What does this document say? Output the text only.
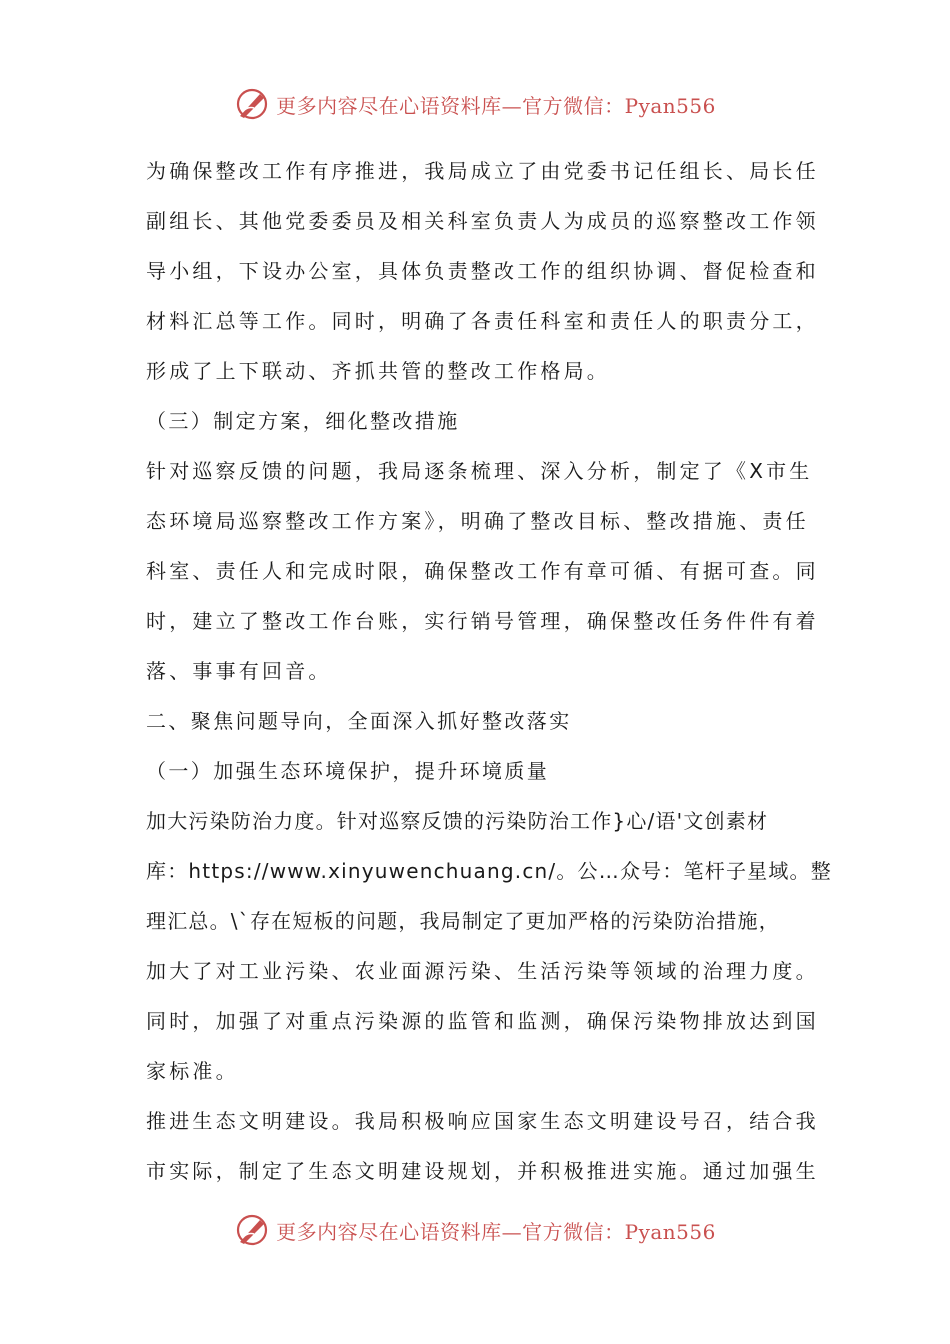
更多内容尽在心语资料库—官方微信：Pyan556
为确保整改工作有序推进，我局成立了由党委书记任组长、局长任
副组长、其他党委委员及相关科室负责人为成员的巡察整改工作领
导小组，下设办公室，具体负责整改工作的组织协调、督促检查和
材料汇总等工作。同时，明确了各责任科室和责任人的职责分工，
形成了上下联动、齐抓共管的整改工作格局。
（三）制定方案，细化整改措施
针对巡察反馈的问题，我局逐条梳理、深入分析，制定了《X市生
态环境局巡察整改工作方案》，明确了整改目标、整改措施、责任
科室、责任人和完成时限，确保整改工作有章可循、有据可查。同
时，建立了整改工作台账，实行销号管理，确保整改任务件件有着
落、事事有回音。
二、聚焦问题导向，全面深入抓好整改落实
（一）加强生态环境保护，提升环境质量
加大污染防治力度。针对巡察反馈的污染防治工作}心/语'文创素材
库：https://www.xinyuwenchuang.cn/。公…众号：笔杆子星域。整
理汇总。\`存在短板的问题，我局制定了更加严格的污染防治措施，
加大了对工业污染、农业面源污染、生活污染等领域的治理力度。
同时，加强了对重点污染源的监管和监测，确保污染物排放达到国
家标准。
推进生态文明建设。我局积极响应国家生态文明建设号召，结合我
市实际，制定了生态文明建设规划，并积极推进实施。通过加强生
更多内容尽在心语资料库—官方微信：Pyan556
